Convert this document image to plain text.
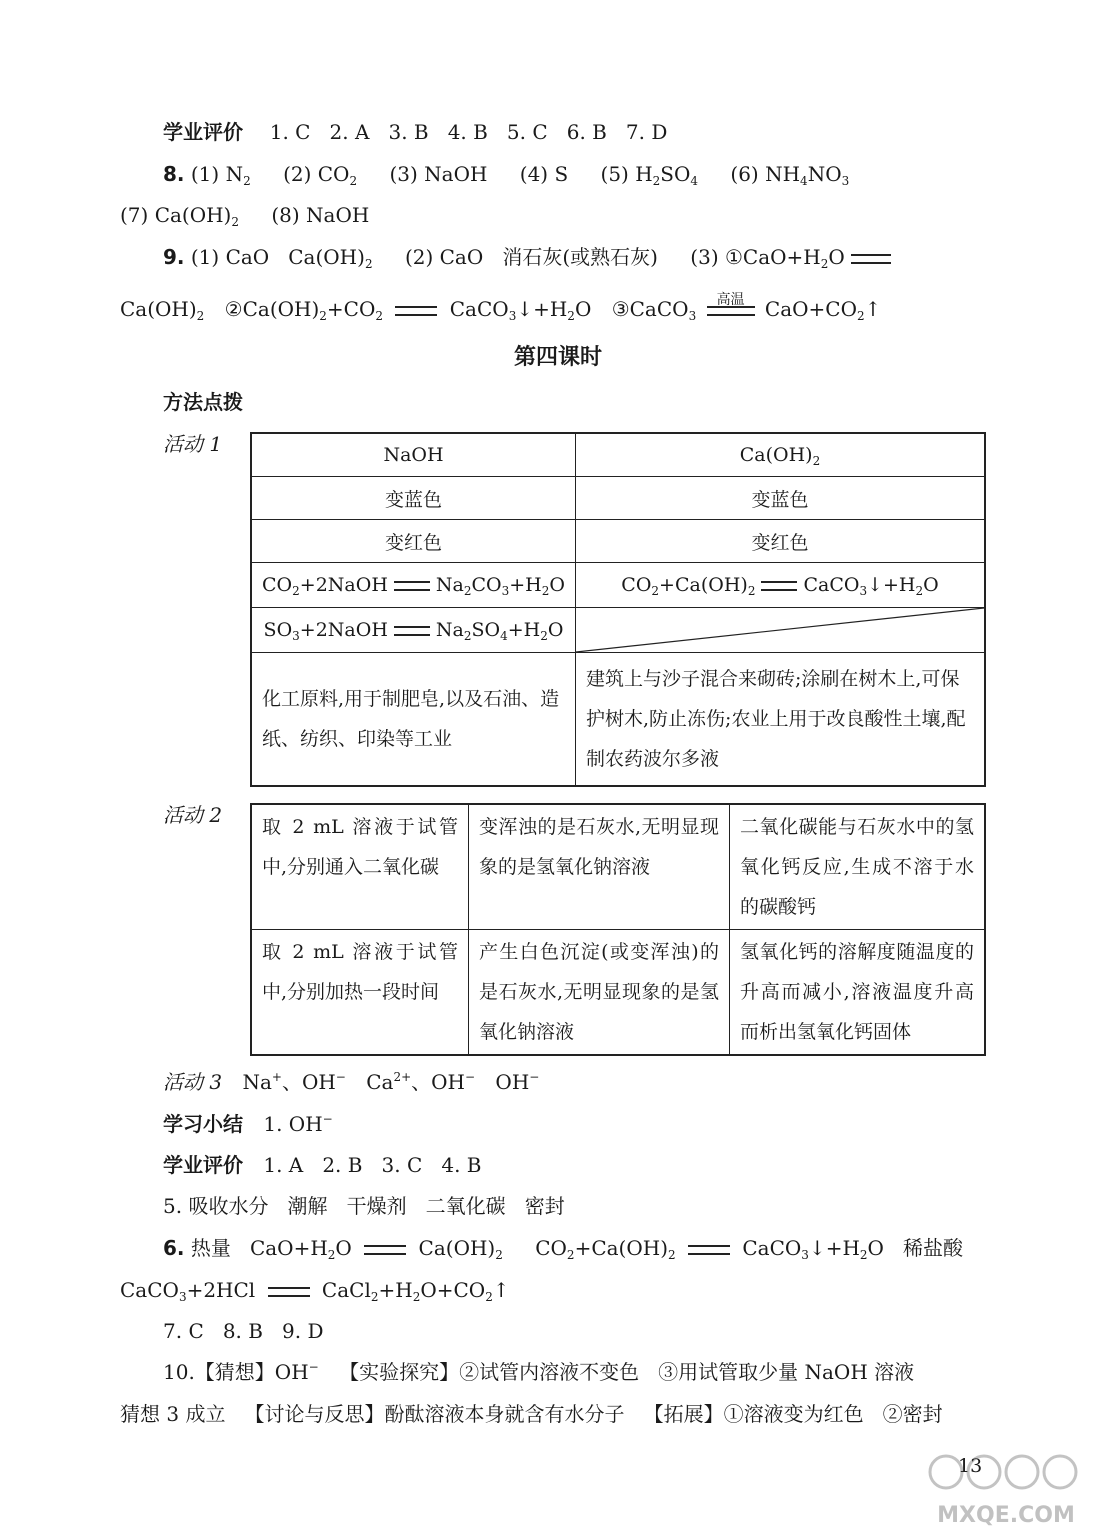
学业评价 1. C   2. A   3. B   4. B   5. C   6. B   7. D
8. (1) $N_2$ (2) $CO_2$ (3) NaOH (4) S (5) $H_2SO_4$ (6) $NH_4NO_3$
(7) $Ca(OH)_2$ (8) NaOH
9. (1) CaO   $Ca(OH)_2$ (2) CaO   消石灰(或熟石灰) (3) $①CaO+H_2O$
$Ca(OH)_2$ $②Ca(OH)_2+CO_2$	$CaCO_3↓+H_2O$ ③CaCO$_3$
高温	$CaO+CO_2↑$
第四课时
方法点拨
活动 1	NaOH	$Ca(OH)_2$
变蓝色	变蓝色
变红色	变红色
$CO_2+2NaOH$ $Na_2CO_3+H_2O$	$CO_2+Ca(OH)_2$ $CaCO_3↓+H_2O$
$SO_3+2NaOH$ $Na_2SO_4+H_2O$	

化工原料,用于制肥皂,以及石油、造纸、纺织、印染等工业	建筑上与沙子混合来砌砖;涂刷在树木上,可保护树木,防止冻伤;农业上用于改良酸性土壤,配制农药波尔多液
活动 2 取 2 mL 溶液于试管中,分别通入二氧化碳	变浑浊的是石灰水,无明显现象的是氢氧化钠溶液	二氧化碳能与石灰水中的氢氧化钙反应,生成不溶于水的碳酸钙
取 2 mL 溶液于试管中,分别加热一段时间	产生白色沉淀(或变浑浊)的是石灰水,无明显现象的是氢氧化钠溶液	氢氧化钙的溶解度随温度的升高而减小,溶液温度升高而析出氢氧化钙固体
活动 3 Na+、OH− $Ca^{2+}$、OH− OH−
学习小结 1. OH−
学业评价 1. A   2. B   3. C   4. B
5. 吸收水分   潮解   干燥剂   二氧化碳   密封
6. 热量   $CaO+H_2O$	$Ca(OH)_2$ $CO_2+Ca(OH)_2$	$CaCO_3↓+H_2O$   稀盐酸
CaCO$_3$+2HCl	$CaCl_2+H_2O+CO_2↑$
7. C   8. B   9. D
10.【猜想】OH− 【实验探究】②试管内溶液不变色   ③用试管取少量 NaOH 溶液
猜想 3 成立   【讨论与反思】酚酞溶液本身就含有水分子   【拓展】①溶液变为红色   ②密封
13
MXQE.COM
